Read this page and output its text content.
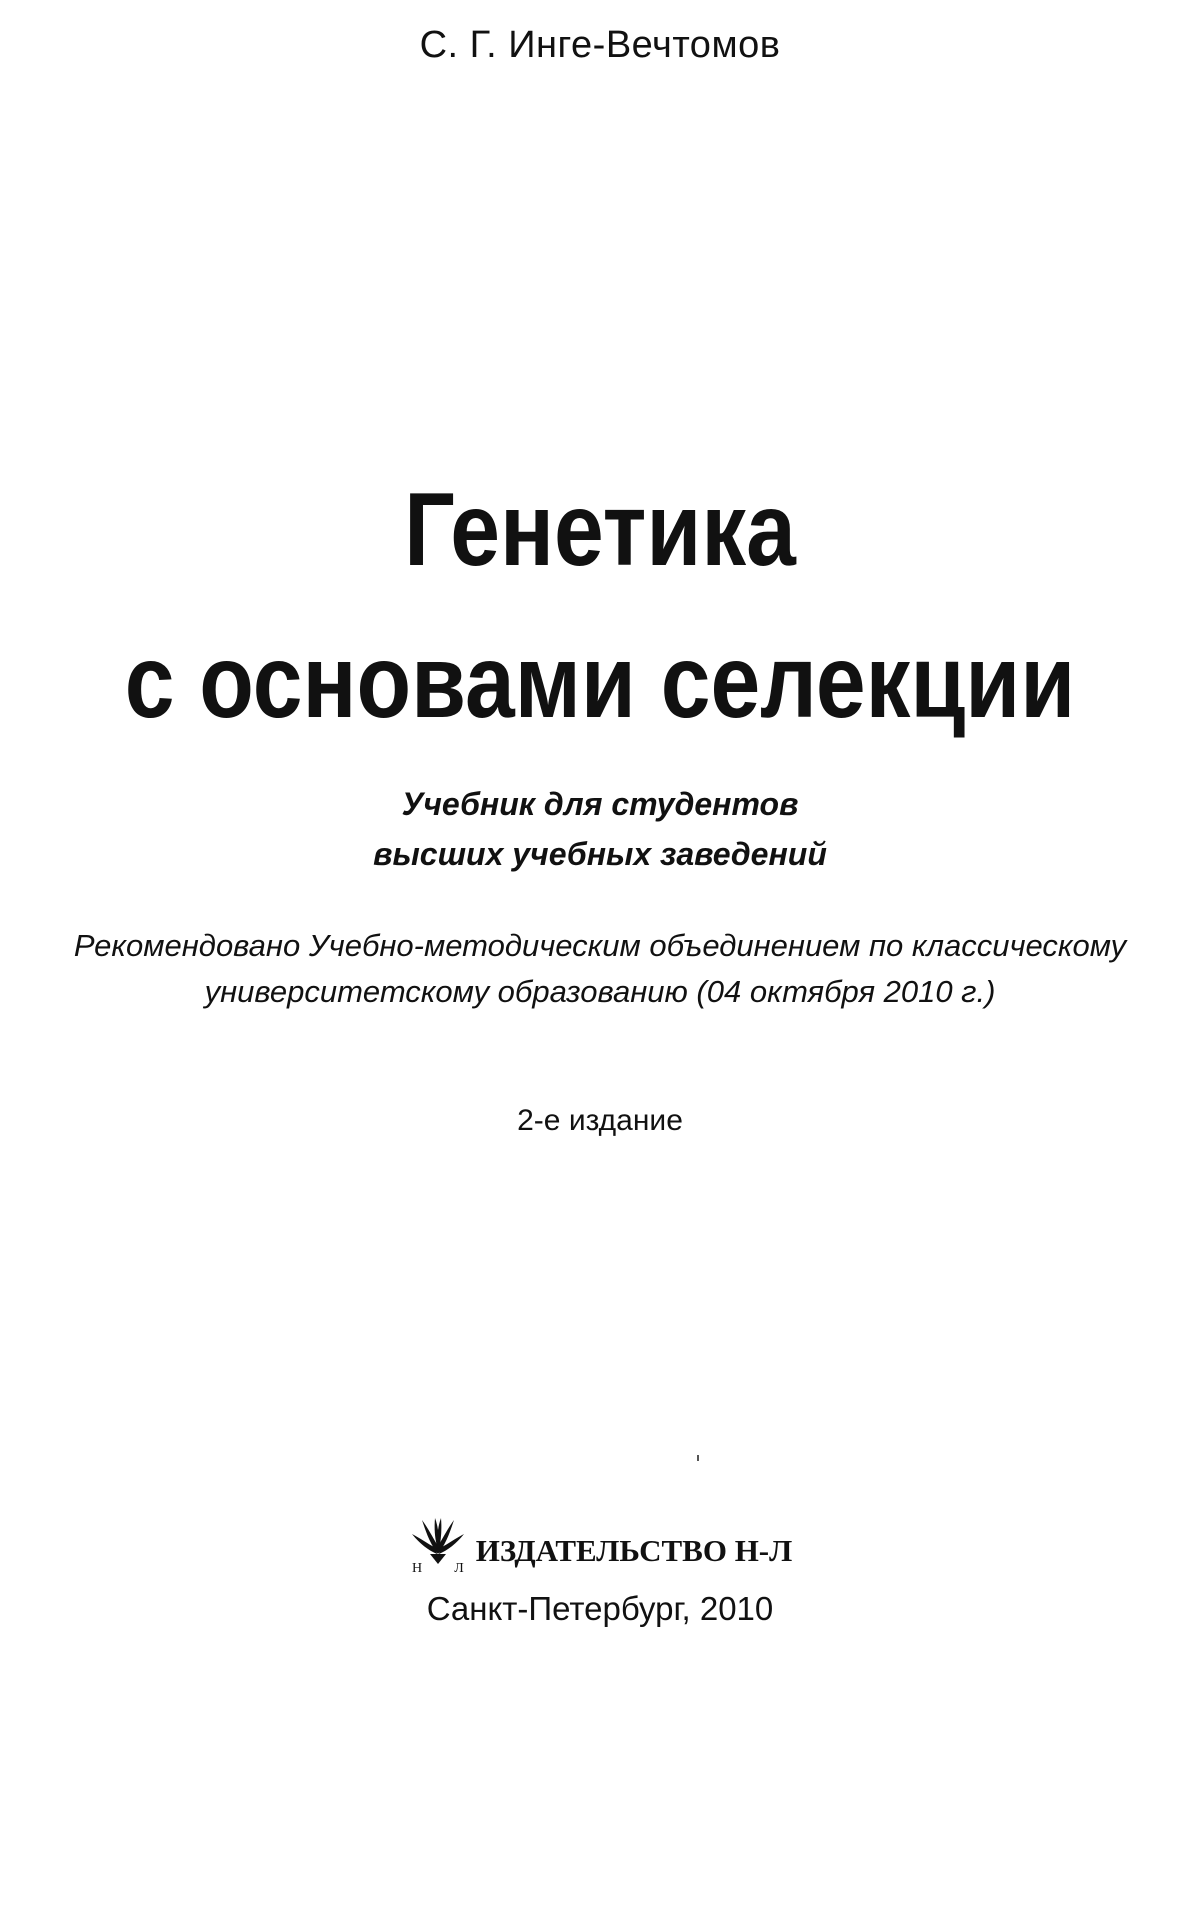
С. Г. Инге-Вечтомов
Генетика
с основами селекции
Учебник для студентов
высших учебных заведений
Рекомендовано Учебно-методическим объединением по классическому
университетскому образованию (04 октября 2010 г.)
2-е издание
Н Л
ИЗДАТЕЛЬСТВО Н-Л
Санкт-Петербург, 2010
